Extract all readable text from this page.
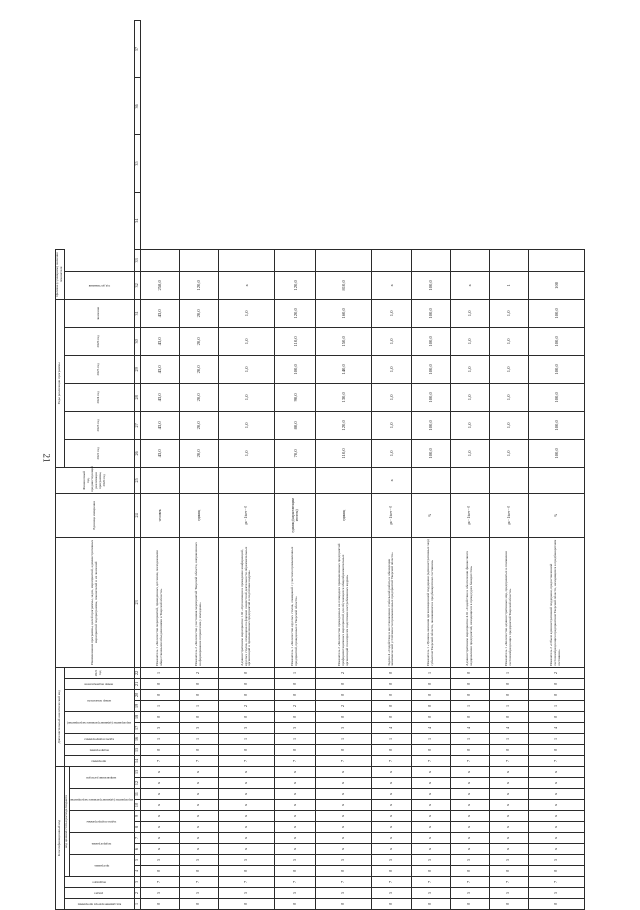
21
Классификационный код													Дополнительный аналитический код									Наименование программы, целей программы, задач, мероприятий, административных мероприятий подпрограммы, показателей и их значений	Единица измерения	Финансовый год, предшествующий реализации программы, 2020 год	Годы реализации программы						Целевое (суммарное) значение показателя					
код администратора программы	раздел	подраздел	код целевой статьи расхода бюджета										программа	подпрограмма	задача подпрограммы	мероприятие (административное мероприятие)		номер показателя		номер подпоказателя	2021 год				2022 год	2023 год	2024 год	2025 год	2026 год	значение	год достижения					
			программа		подпрограмма		задача подпрограммы		мероприятие (административное мероприятие)		направление расходов																									
1	2	3	4	5	6	7	8	9	10	11	12	13	14	15	16	17	18	19	20	21	22	23	24	25	26	27	28	29	30	31	32	33	34	35	36	37
0	5	7	0	5	х	х	х	х	х	х	х	х	7	0	1	3	0	1	0	0	1	Показатель 1 «Количество мероприятий, проведенных детскими, молодежными общественными объединениями в Тверской области»	человек		43,0	43,0	43,0	43,0	43,0	43,0	258,0					
0	5	7	0	5	х	х	х	х	х	х	х	х	7	0	1	3	0	1	0	0	2	Показатель 2 «Количество участников мероприятий Тверской области, направленных на формирование патриотизма у молодежи»	единиц		20,0	20,0	20,0	20,0	20,0	20,0	120,0					
0	5	7	0	5	х	х	х	х	х	х	х	х	7	0	1	3	0	2	0	0	0	Административное мероприятие 1.02 «Организация и проведение конференций, круглых столов, семинаров по формам совместной деятельности образовательных организаций и промышленных предприятий в подготовке кадров»	да - 1/нет - 0		1,0	1,0	1,0	1,0	1,0	1,0	х					
0	5	7	0	5	х	х	х	х	х	х	х	х	7	0	1	3	0	2	0	0	1	Показатель 1 «Количество круглых столов, совещаний с участием промышленных предприятий, проведенных в Тверской области»	единиц (нарастающим итогом)		70,0	80,0	90,0	100,0	110,0	120,0	120,0					
0	5	7	0	5	х	х	х	х	х	х	х	х	7	0	1	3	0	2	0	0	2	Показатель 2 «Количество проведенных на площадках промышленных предприятий профориентационных мероприятий для обучающихся общеобразовательных организаций по вопросам подготовки востребованных кадров»	единиц		110,0	120,0	130,0	140,0	150,0	160,0	810,0					
0	5	7	0	5	х	х	х	х	х	х	х	х	7	0	1	4	0	0	0	0	0	Задача 4 «Содействие в восстановлении стабильной работы и обновлении экономической устойчивости промышленных предприятий Тверской области»	да - 1/нет - 0	х	1,0	1,0	1,0	1,0	1,0	1,0	х					
0	5	7	0	5	х	х	х	х	х	х	х	х	7	0	1	4	0	0	0	0	1	Показатель 1 «Уровень оказания организационной поддержки (административных мер) субъектам Тверской области, оказавшимся в предбанкротном состоянии»	%		100,0	100,0	100,0	100,0	100,0	100,0	100,0					
0	5	7	0	5	х	х	х	х	х	х	х	х	7	0	1	4	0	1	0	0	0	Административное мероприятие 4.01 «Содействие в обеспечении финансового оздоровления предприятий, находящихся в процедурах банкротства»	да - 1/нет - 0		1,0	1,0	1,0	1,0	1,0	1,0	х					
0	5	7	0	5	х	х	х	х	х	х	х	х	7	0	1	4	0	1	0	0	1	Показатель 1 «Количество административных мер, предпринятых в отношении системообразующих предприятий Тверской области»	да - 1/нет - 0		1,0	1,0	1,0	1,0	1,0	1,0	1					
0	5	7	0	5	х	х	х	х	х	х	х	х	7	0	1	4	0	1	0	0	2	Показатель 2 «Объем административной поддержки, предоставленной системообразующим предприятиям Тверской области, находящимся в предбанкротном состоянии»	%		100,0	100,0	100,0	100,0	100,0	100,0	100					
